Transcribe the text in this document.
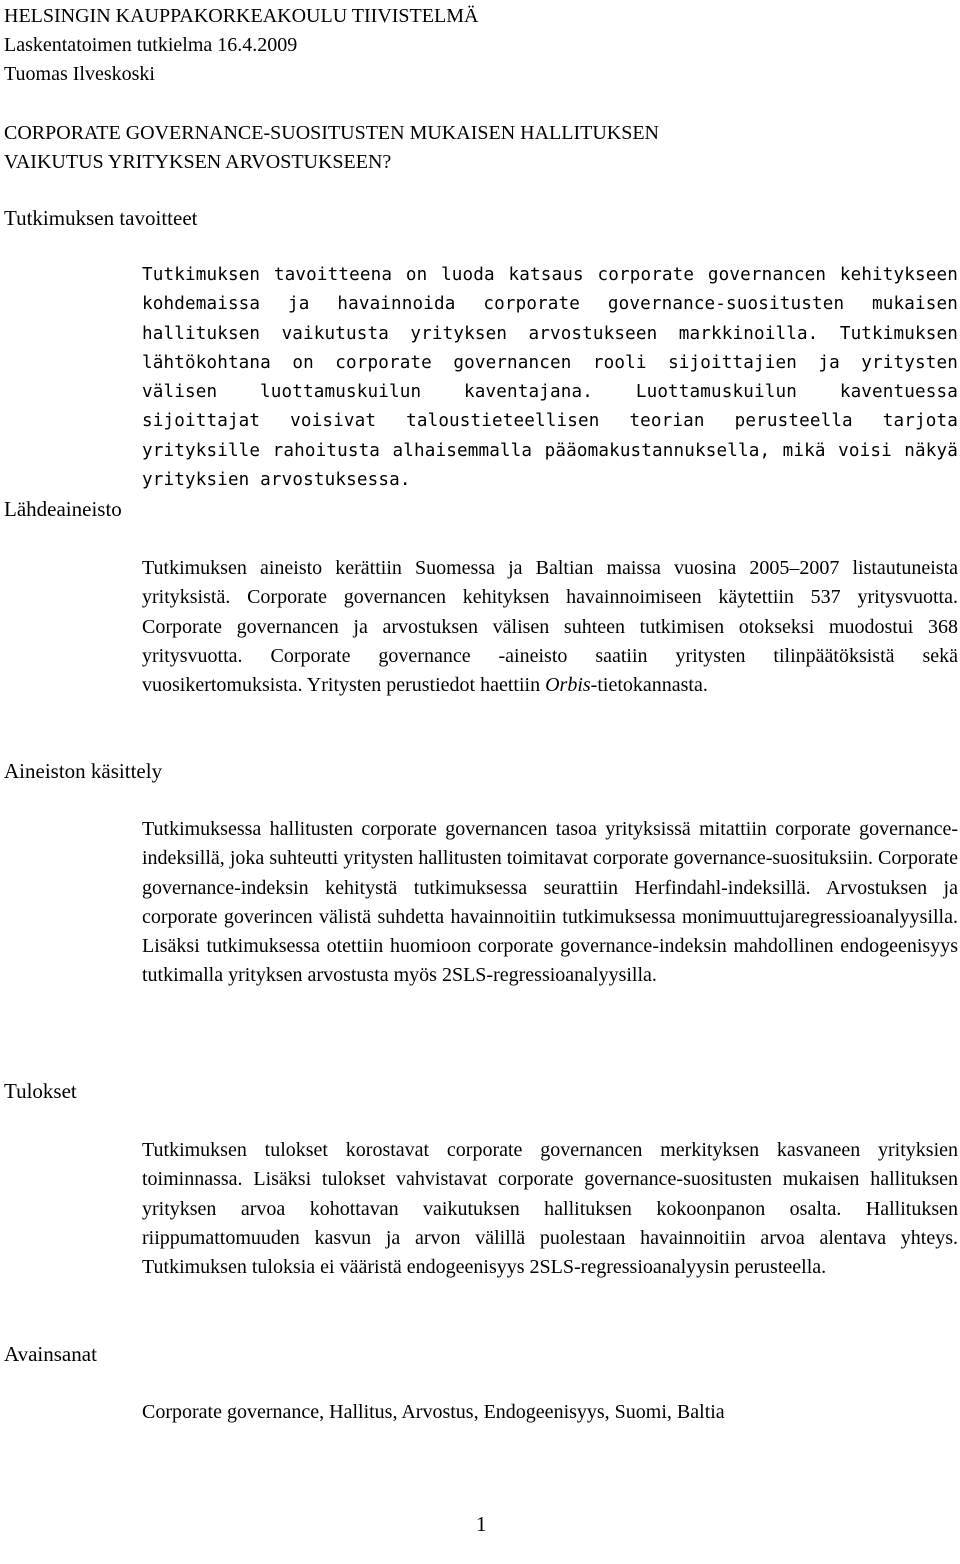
HELSINGIN KAUPPAKORKEAKOULU TIIVISTELMÄ
Laskentatoimen tutkielma 16.4.2009
Tuomas Ilveskoski
CORPORATE GOVERNANCE-SUOSITUSTEN MUKAISEN HALLITUKSEN
VAIKUTUS YRITYKSEN ARVOSTUKSEEN?
Tutkimuksen tavoitteet

Tutkimuksen tavoitteena on luoda katsaus corporate governancen kehitykseen kohdemaissa ja havainnoida corporate governance-suositusten mukaisen hallituksen vaikutusta yrityksen arvostukseen markkinoilla. Tutkimuksen lähtökohtana on corporate governancen rooli sijoittajien ja yritysten välisen luottamuskuilun kaventajana. Luottamuskuilun kaventuessa sijoittajat voisivat taloustieteellisen teorian perusteella tarjota yrityksille rahoitusta alhaisemmalla pääomakustannuksella, mikä voisi näkyä yrityksien arvostuksessa.

Lähdeaineisto

Tutkimuksen aineisto kerättiin Suomessa ja Baltian maissa vuosina 2005–2007 listautuneista yrityksistä. Corporate governancen kehityksen havainnoimiseen käytettiin 537 yritysvuotta. Corporate governancen ja arvostuksen välisen suhteen tutkimisen otokseksi muodostui 368 yritysvuotta. Corporate governance -aineisto saatiin yritysten tilinpäätöksistä sekä vuosikertomuksista. Yritysten perustiedot haettiin Orbis-tietokannasta.

Aineiston käsittely

Tutkimuksessa hallitusten corporate governancen tasoa yrityksissä mitattiin corporate governance-indeksillä, joka suhteutti yritysten hallitusten toimitavat corporate governance-suosituksiin. Corporate governance-indeksin kehitystä tutkimuksessa seurattiin Herfindahl-indeksillä. Arvostuksen ja corporate goverincen välistä suhdetta havainnoitiin tutkimuksessa monimuuttujaregressioanalyysilla. Lisäksi tutkimuksessa otettiin huomioon corporate governance-indeksin mahdollinen endogeenisyys tutkimalla yrityksen arvostusta myös 2SLS-regressioanalyysilla.

Tulokset

Tutkimuksen tulokset korostavat corporate governancen merkityksen kasvaneen yrityksien toiminnassa. Lisäksi tulokset vahvistavat corporate governance-suositusten mukaisen hallituksen yrityksen arvoa kohottavan vaikutuksen hallituksen kokoonpanon osalta. Hallituksen riippumattomuuden kasvun ja arvon välillä puolestaan havainnoitiin arvoa alentava yhteys. Tutkimuksen tuloksia ei vääristä endogeenisyys 2SLS-regressioanalyysin perusteella.

Avainsanat

Corporate governance, Hallitus, Arvostus, Endogeenisyys, Suomi, Baltia

1
